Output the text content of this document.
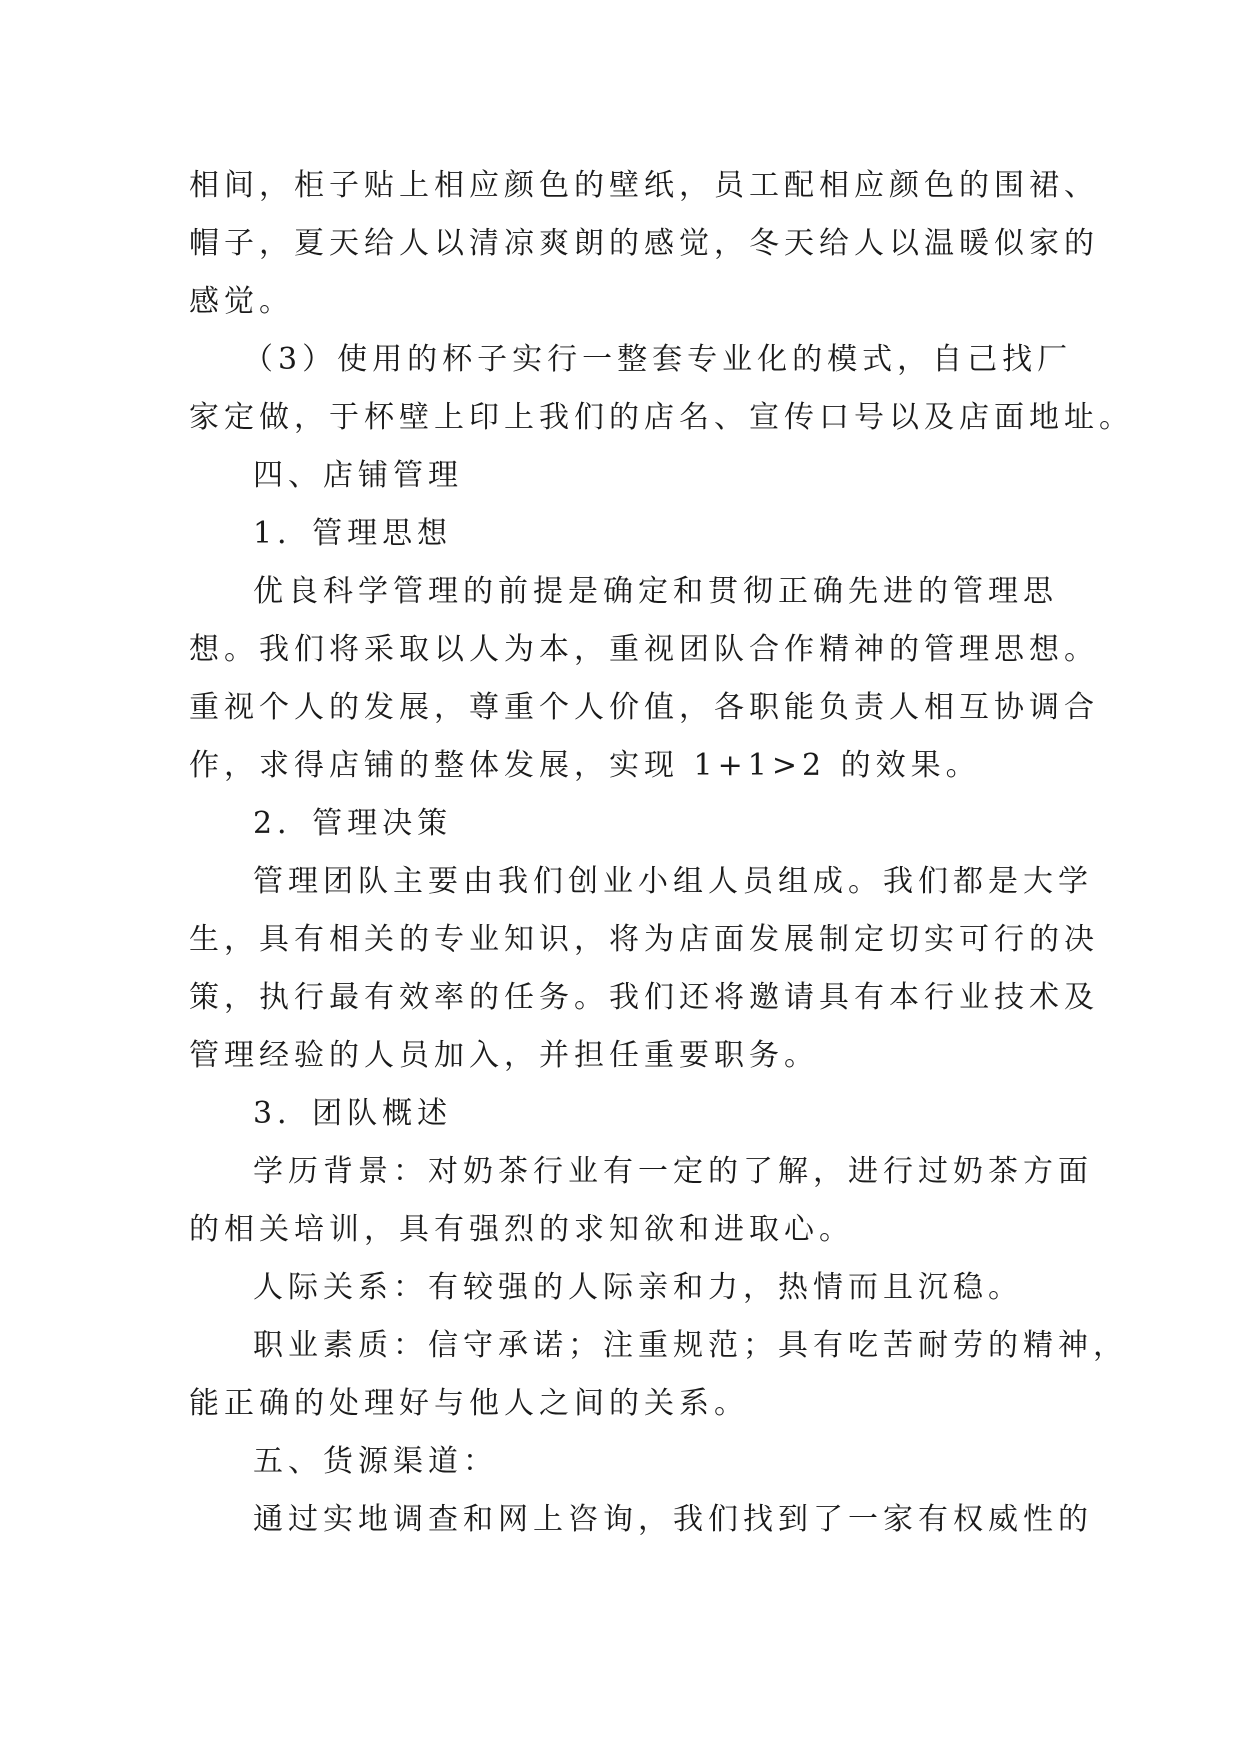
相间，柜子贴上相应颜色的壁纸，员工配相应颜色的围裙、
帽子，夏天给人以清凉爽朗的感觉，冬天给人以温暖似家的
感觉。
（3）使用的杯子实行一整套专业化的模式，自己找厂
家定做，于杯壁上印上我们的店名、宣传口号以及店面地址。
四、店铺管理
1．管理思想
优良科学管理的前提是确定和贯彻正确先进的管理思
想。我们将采取以人为本，重视团队合作精神的管理思想。
重视个人的发展，尊重个人价值，各职能负责人相互协调合
作，求得店铺的整体发展，实现 1+1>2 的效果。
2．管理决策
管理团队主要由我们创业小组人员组成。我们都是大学
生，具有相关的专业知识，将为店面发展制定切实可行的决
策，执行最有效率的任务。我们还将邀请具有本行业技术及
管理经验的人员加入，并担任重要职务。
3．团队概述
学历背景：对奶茶行业有一定的了解，进行过奶茶方面
的相关培训，具有强烈的求知欲和进取心。
人际关系：有较强的人际亲和力，热情而且沉稳。
职业素质：信守承诺；注重规范；具有吃苦耐劳的精神，
能正确的处理好与他人之间的关系。
五、货源渠道：
通过实地调查和网上咨询，我们找到了一家有权威性的
